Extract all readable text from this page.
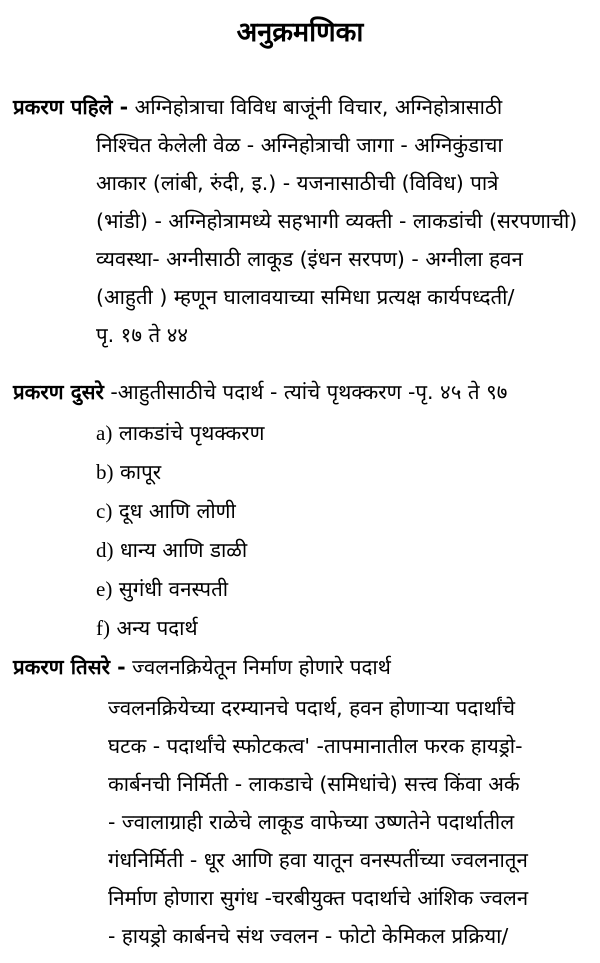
अनुक्रमणिका
प्रकरण पहिले - अग्निहोत्राचा विविध बाजूंनी विचार, अग्निहोत्रासाठी
निश्चित केलेली वेळ - अग्निहोत्राची जागा - अग्निकुंडाचा
आकार (लांबी, रुंदी, इ.) - यजनासाठीची (विविध) पात्रे
(भांडी) - अग्निहोत्रामध्ये सहभागी व्यक्ती - लाकडांची (सरपणाची)
व्यवस्था- अग्नीसाठी लाकूड (इंधन सरपण) - अग्नीला हवन
(आहुती ) म्हणून घालावयाच्या समिधा प्रत्यक्ष कार्यपध्दती/
पृ. १७ ते ४४
प्रकरण दुसरे -आहुतीसाठीचे पदार्थ - त्यांचे पृथक्करण -पृ. ४५ ते ९७
a) लाकडांचे पृथक्करण
b) कापूर
c) दूध आणि लोणी
d) धान्य आणि डाळी
e) सुगंधी वनस्पती
f) अन्य पदार्थ
प्रकरण तिसरे - ज्वलनक्रियेतून निर्माण होणारे पदार्थ
ज्वलनक्रियेच्या दरम्यानचे पदार्थ, हवन होणाऱ्या पदार्थांचे
घटक - पदार्थांचे स्फोटकत्व' -तापमानातील फरक हायड्रो-
कार्बनची निर्मिती - लाकडाचे (समिधांचे) सत्त्व किंवा अर्क
- ज्वालाग्राही राळेचे लाकूड वाफेच्या उष्णतेने पदार्थातील
गंधनिर्मिती - धूर आणि हवा यातून वनस्पतींच्या ज्वलनातून
निर्माण होणारा सुगंध -चरबीयुक्त पदार्थाचे आंशिक ज्वलन
- हायड्रो कार्बनचे संथ ज्वलन - फोटो केमिकल प्रक्रिया/
